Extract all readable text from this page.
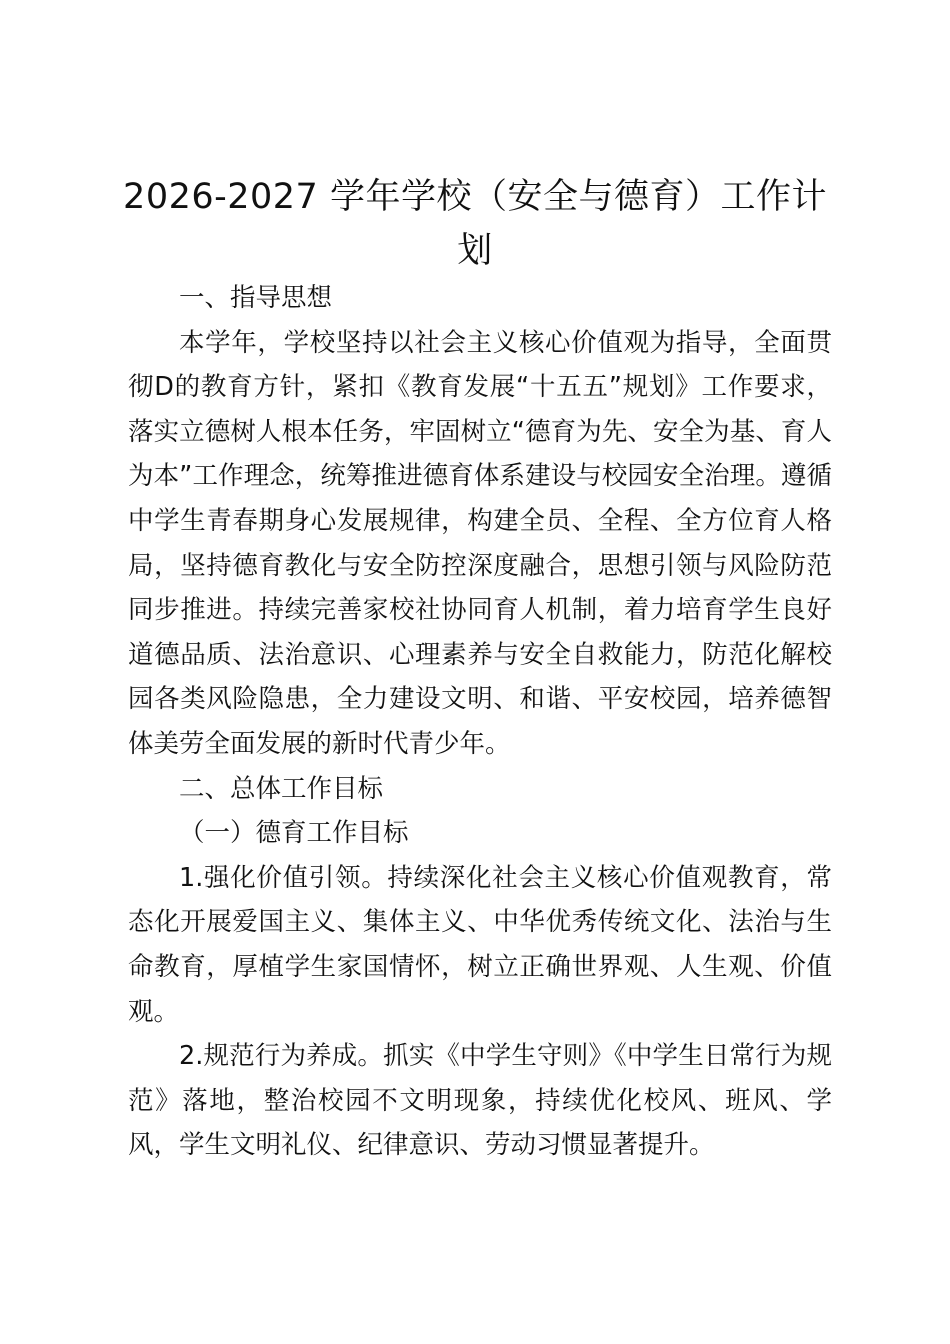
2026-2027 学年学校（安全与德育）工作计划

一、指导思想

本学年，学校坚持以社会主义核心价值观为指导，全面贯彻D的教育方针，紧扣《教育发展“十五五”规划》工作要求，落实立德树人根本任务，牢固树立“德育为先、安全为基、育人为本”工作理念，统筹推进德育体系建设与校园安全治理。遵循中学生青春期身心发展规律，构建全员、全程、全方位育人格局，坚持德育教化与安全防控深度融合，思想引领与风险防范同步推进。持续完善家校社协同育人机制，着力培育学生良好道德品质、法治意识、心理素养与安全自救能力，防范化解校园各类风险隐患，全力建设文明、和谐、平安校园，培养德智体美劳全面发展的新时代青少年。

二、总体工作目标

（一）德育工作目标

1.强化价值引领。持续深化社会主义核心价值观教育，常态化开展爱国主义、集体主义、中华优秀传统文化、法治与生命教育，厚植学生家国情怀，树立正确世界观、人生观、价值观。

2.规范行为养成。抓实《中学生守则》《中学生日常行为规范》落地，整治校园不文明现象，持续优化校风、班风、学风，学生文明礼仪、纪律意识、劳动习惯显著提升。
